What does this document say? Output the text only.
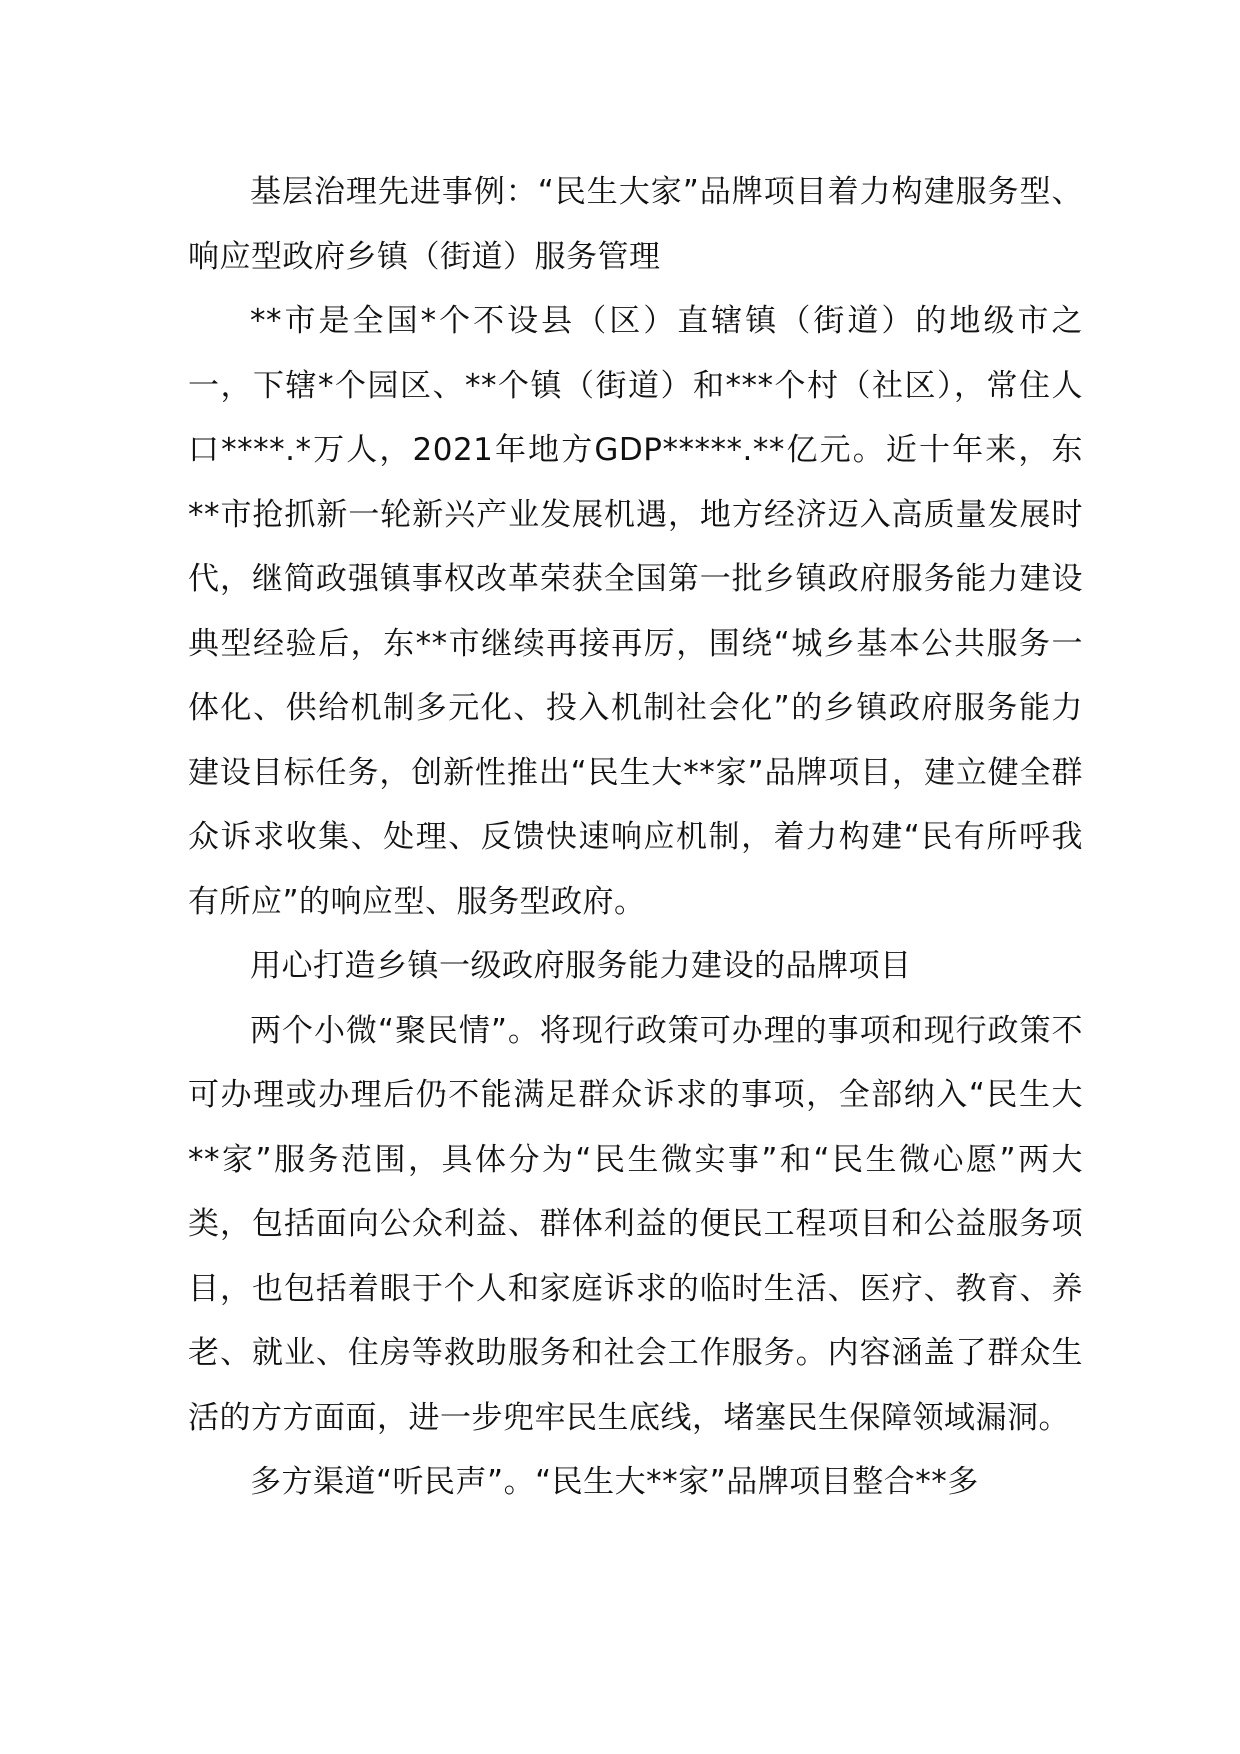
基层治理先进事例：“民生大家”品牌项目着力构建服务型、响应型政府乡镇（街道）服务管理

**市是全国*个不设县（区）直辖镇（街道）的地级市之一，下辖*个园区、**个镇（街道）和***个村（社区），常住人口****.*万人，2021年地方GDP*****.**亿元。近十年来，东**市抢抓新一轮新兴产业发展机遇，地方经济迈入高质量发展时代，继简政强镇事权改革荣获全国第一批乡镇政府服务能力建设典型经验后，东**市继续再接再厉，围绕“城乡基本公共服务一体化、供给机制多元化、投入机制社会化”的乡镇政府服务能力建设目标任务，创新性推出“民生大**家”品牌项目，建立健全群众诉求收集、处理、反馈快速响应机制，着力构建“民有所呼我有所应”的响应型、服务型政府。

用心打造乡镇一级政府服务能力建设的品牌项目

两个小微“聚民情”。将现行政策可办理的事项和现行政策不可办理或办理后仍不能满足群众诉求的事项，全部纳入“民生大**家”服务范围，具体分为“民生微实事”和“民生微心愿”两大类，包括面向公众利益、群体利益的便民工程项目和公益服务项目，也包括着眼于个人和家庭诉求的临时生活、医疗、教育、养老、就业、住房等救助服务和社会工作服务。内容涵盖了群众生活的方方面面，进一步兜牢民生底线，堵塞民生保障领域漏洞。

多方渠道“听民声”。“民生大**家”品牌项目整合**多
